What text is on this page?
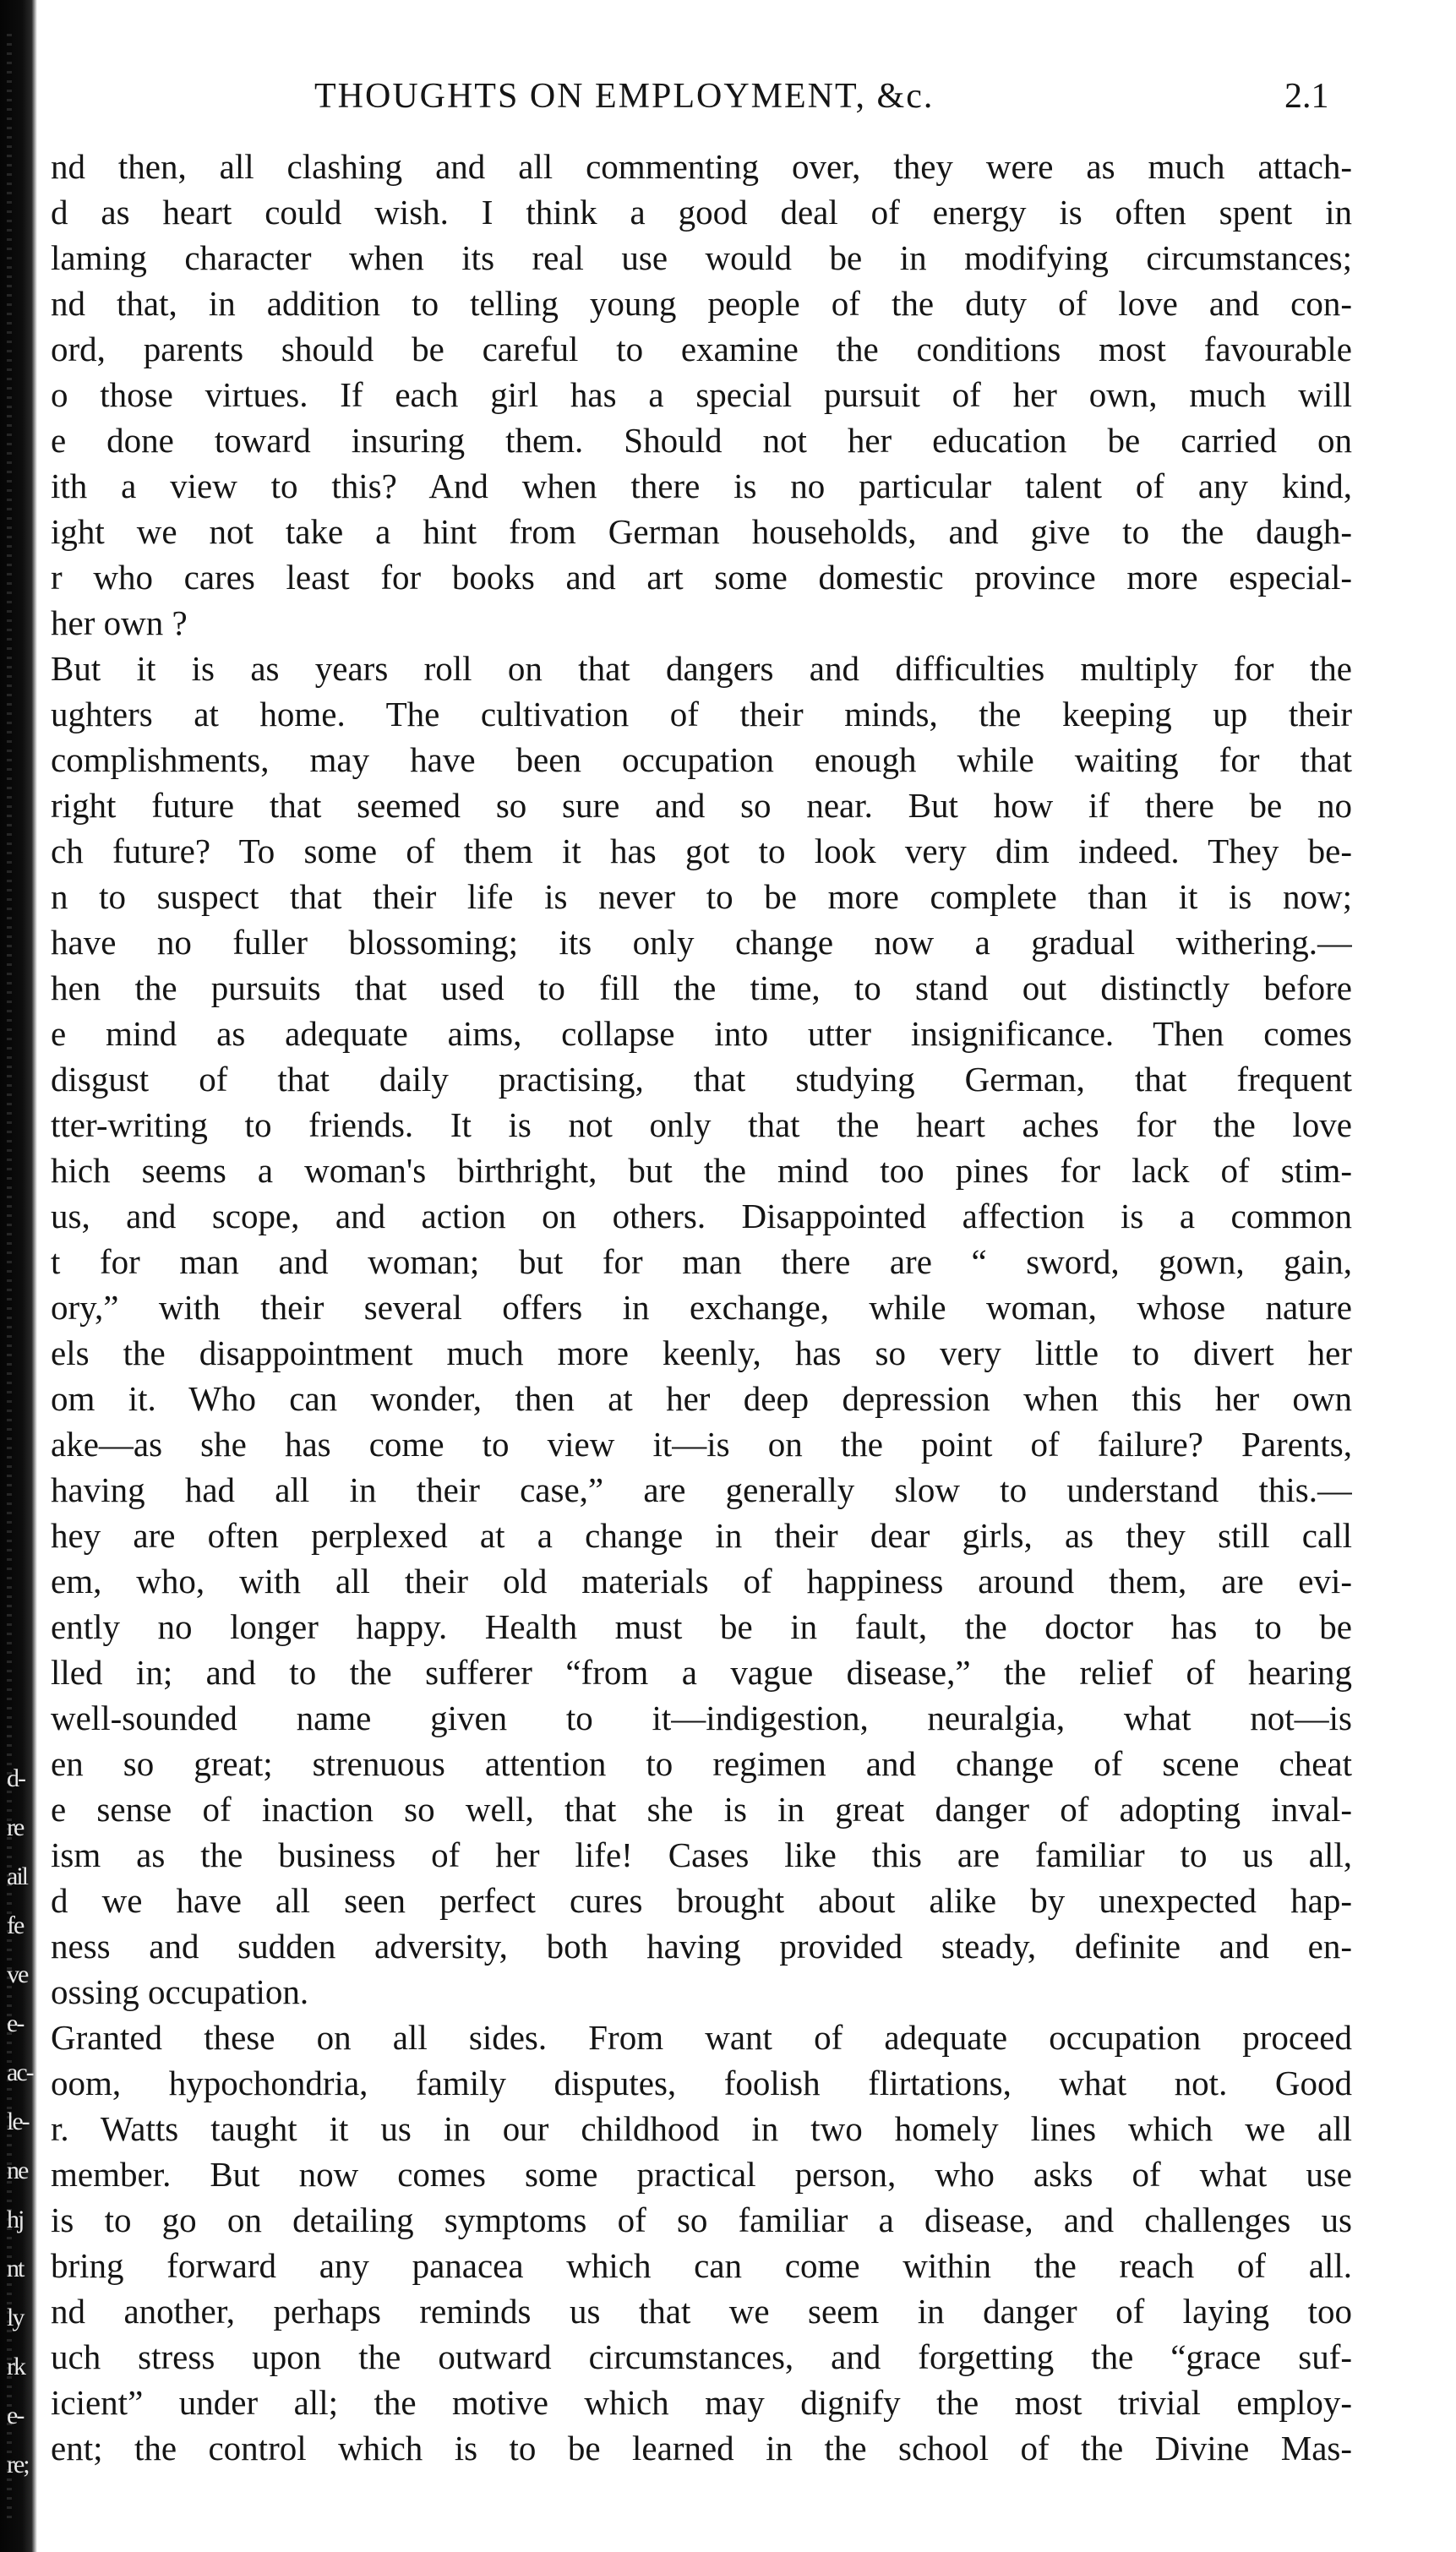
d-
re
ail
fe
ve
e-
ac-
le-
ne
hj
nt
ly
rk
e-
re;
THOUGHTS ON EMPLOYMENT, &c.	2.1
nd then, all clashing and all commenting over, they were as much attach-
d as heart could wish. I think a good deal of energy is often spent in
laming character when its real use would be in modifying circumstances;
nd that, in addition to telling young people of the duty of love and con-
ord, parents should be careful to examine the conditions most favourable
o those virtues. If each girl has a special pursuit of her own, much will
e done toward insuring them. Should not her education be carried on
ith a view to this? And when there is no particular talent of any kind,
ight we not take a hint from German households, and give to the daugh-
r who cares least for books and art some domestic province more especial-
her own ?
But it is as years roll on that dangers and difficulties multiply for the
ughters at home. The cultivation of their minds, the keeping up their
complishments, may have been occupation enough while waiting for that
right future that seemed so sure and so near. But how if there be no
ch future? To some of them it has got to look very dim indeed. They be-
n to suspect that their life is never to be more complete than it is now;
have no fuller blossoming; its only change now a gradual withering.—
hen the pursuits that used to fill the time, to stand out distinctly before
e mind as adequate aims, collapse into utter insignificance. Then comes
disgust of that daily practising, that studying German, that frequent
tter-writing to friends. It is not only that the heart aches for the love
hich seems a woman's birthright, but the mind too pines for lack of stim-
us, and scope, and action on others. Disappointed affection is a common
t for man and woman; but for man there are “ sword, gown, gain,
ory,” with their several offers in exchange, while woman, whose nature
els the disappointment much more keenly, has so very little to divert her
om it. Who can wonder, then at her deep depression when this her own
ake—as she has come to view it—is on the point of failure? Parents,
having had all in their case,” are generally slow to understand this.—
hey are often perplexed at a change in their dear girls, as they still call
em, who, with all their old materials of happiness around them, are evi-
ently no longer happy. Health must be in fault, the doctor has to be
lled in; and to the sufferer “from a vague disease,” the relief of hearing
well-sounded name given to it—indigestion, neuralgia, what not—is
en so great; strenuous attention to regimen and change of scene cheat
e sense of inaction so well, that she is in great danger of adopting inval-
ism as the business of her life! Cases like this are familiar to us all,
d we have all seen perfect cures brought about alike by unexpected hap-
ness and sudden adversity, both having provided steady, definite and en-
ossing occupation.
Granted these on all sides. From want of adequate occupation proceed
oom, hypochondria, family disputes, foolish flirtations, what not. Good
r. Watts taught it us in our childhood in two homely lines which we all
member. But now comes some practical person, who asks of what use
is to go on detailing symptoms of so familiar a disease, and challenges us
bring forward any panacea which can come within the reach of all.
nd another, perhaps reminds us that we seem in danger of laying too
uch stress upon the outward circumstances, and forgetting the “grace suf-
icient” under all; the motive which may dignify the most trivial employ-
ent; the control which is to be learned in the school of the Divine Mas-
